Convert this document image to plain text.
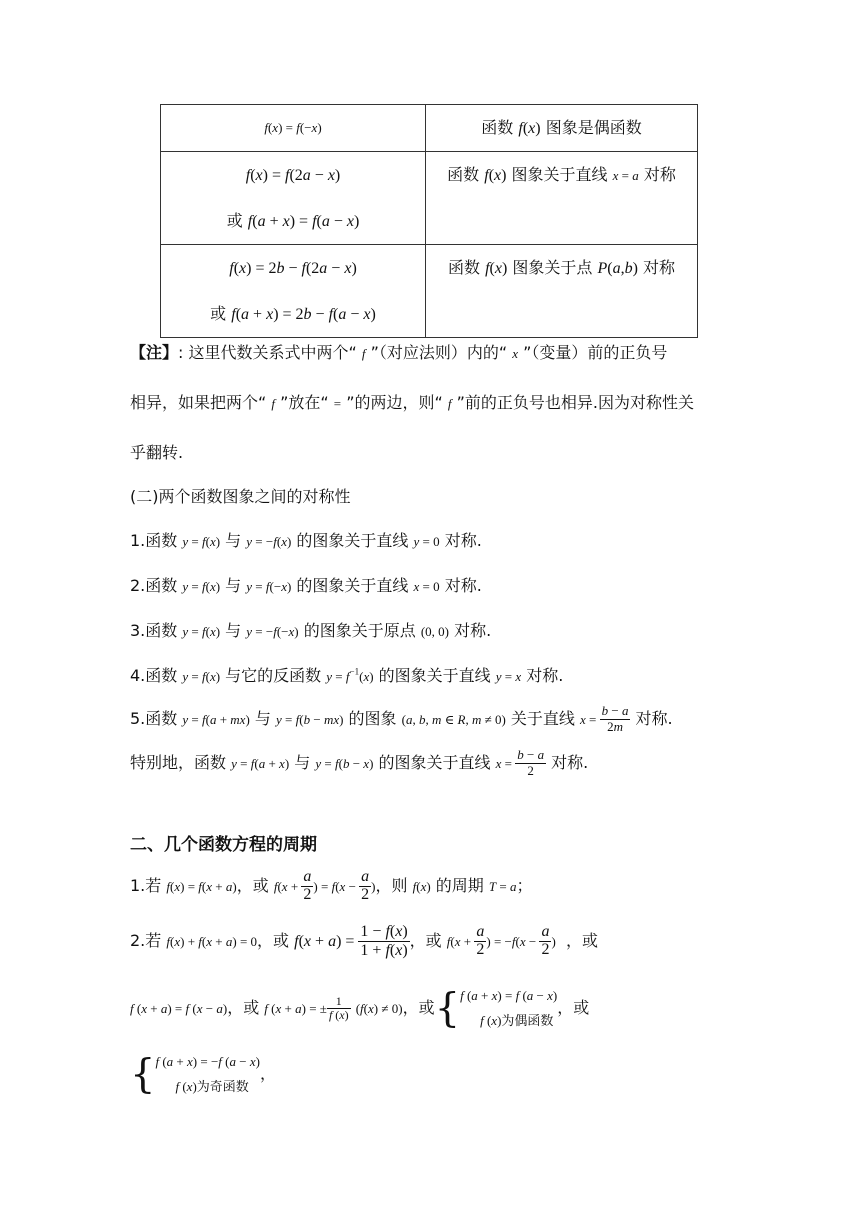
f(x) = f(−x)	函数 f(x) 图象是偶函数

f(x) = f(2a − x)
或 f(a + x) = f(a − x)	函数 f(x) 图象关于直线 x = a 对称

f(x) = 2b − f(2a − x)
或 f(a + x) = 2b − f(a − x)	函数 f(x) 图象关于点 P(a,b) 对称
【注】: 这里代数关系式中两个“ f ”（对应法则）内的“ x ”（变量）前的正负号
相异，如果把两个“ f ”放在“ = ”的两边，则“ f ”前的正负号也相异.因为对称性关
乎翻转.
(二)两个函数图象之间的对称性
1.函数 y = f(x) 与 y = −f(x) 的图象关于直线 y = 0 对称.
2.函数 y = f(x) 与 y = f(−x) 的图象关于直线 x = 0 对称.
3.函数 y = f(x) 与 y = −f(−x) 的图象关于原点 (0, 0) 对称.
4.函数 y = f(x) 与它的反函数 $y = f^{-1}(x)$ 的图象关于直线 y = x 对称.
5.函数 y = f(a + mx) 与 y = f(b − mx) 的图象 (a, b, m ∈ R, m ≠ 0) 关于直线 $x = \frac{b - a}{2m}$ 对称.
特别地，函数 y = f(a + x) 与 y = f(b − x) 的图象关于直线 $x = \frac{b - a}{2}$ 对称.
二、几个函数方程的周期
1.若 f(x) = f(x + a)，或 $f(x + \frac{a}{2}$ ) = $f(x - \frac{a}{2}$ )，则 f(x) 的周期 T = a；
2.若 f(x) + f(x + a) = 0，或 $f(x + a) = \frac{1 - f(x)}{1 + f(x)}$ ，或 $f(x + \frac{a}{2}$ ) = $-f(x - \frac{a}{2}$ )  ，或
f (x + a) = f (x − a)，或 f (x + a) = ± $\frac{1}{f (x)} (f(x) \ne 0)$，或{ f (a + x) = f (a − x)
f (x)为偶函数
，或
{ f (a + x) = −f (a − x)
f (x)为奇函数
，
